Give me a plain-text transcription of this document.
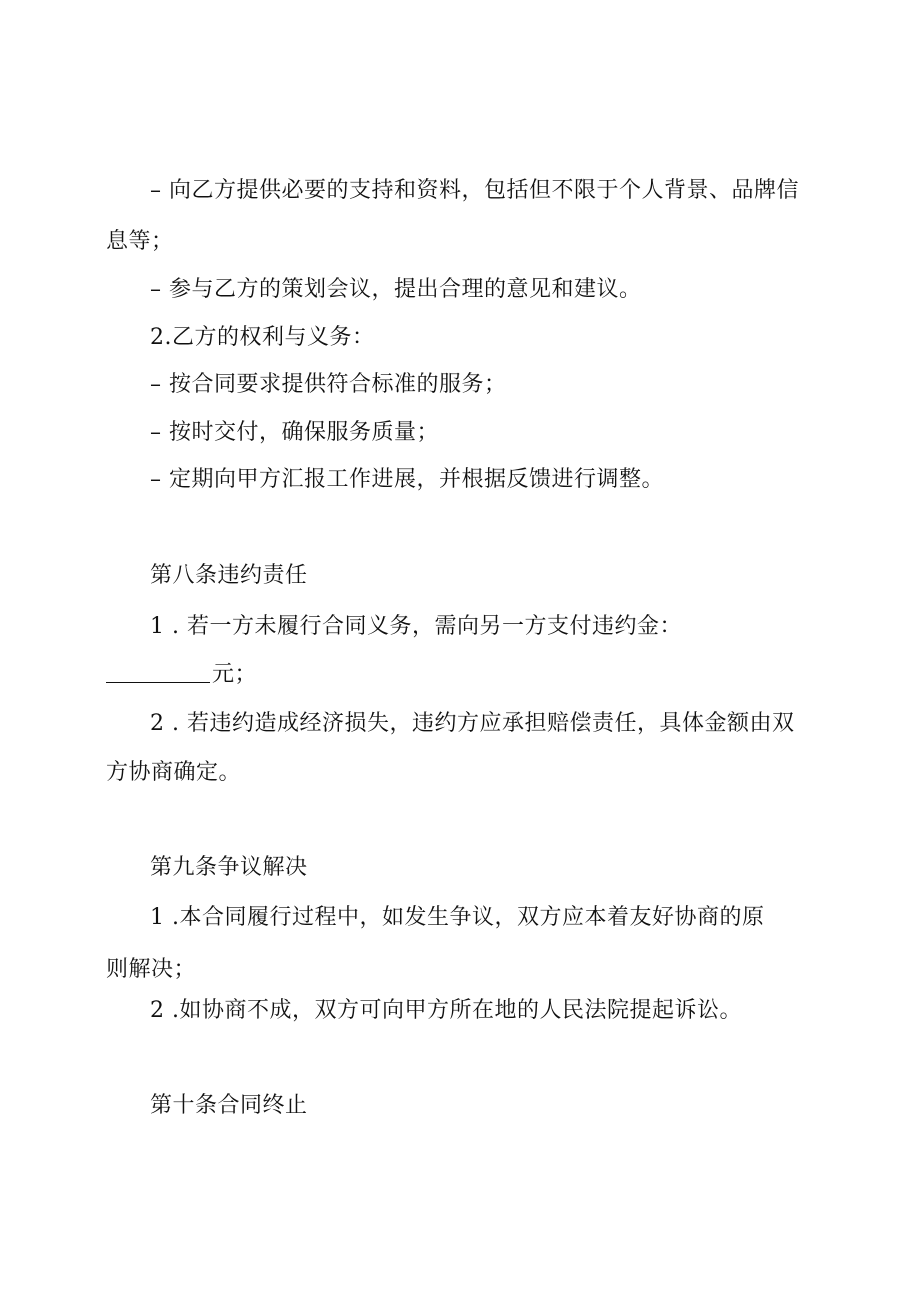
– 向乙方提供必要的支持和资料，包括但不限于个人背景、品牌信
息等；
– 参与乙方的策划会议，提出合理的意见和建议。
2.乙方的权利与义务：
– 按合同要求提供符合标准的服务；
– 按时交付，确保服务质量；
– 定期向甲方汇报工作进展，并根据反馈进行调整。
第八条违约责任
1 . 若一方未履行合同义务，需向另一方支付违约金：
元；
2 . 若违约造成经济损失，违约方应承担赔偿责任，具体金额由双
方协商确定。
第九条争议解决
1 .本合同履行过程中，如发生争议，双方应本着友好协商的原
则解决；
2 .如协商不成，双方可向甲方所在地的人民法院提起诉讼。
第十条合同终止
